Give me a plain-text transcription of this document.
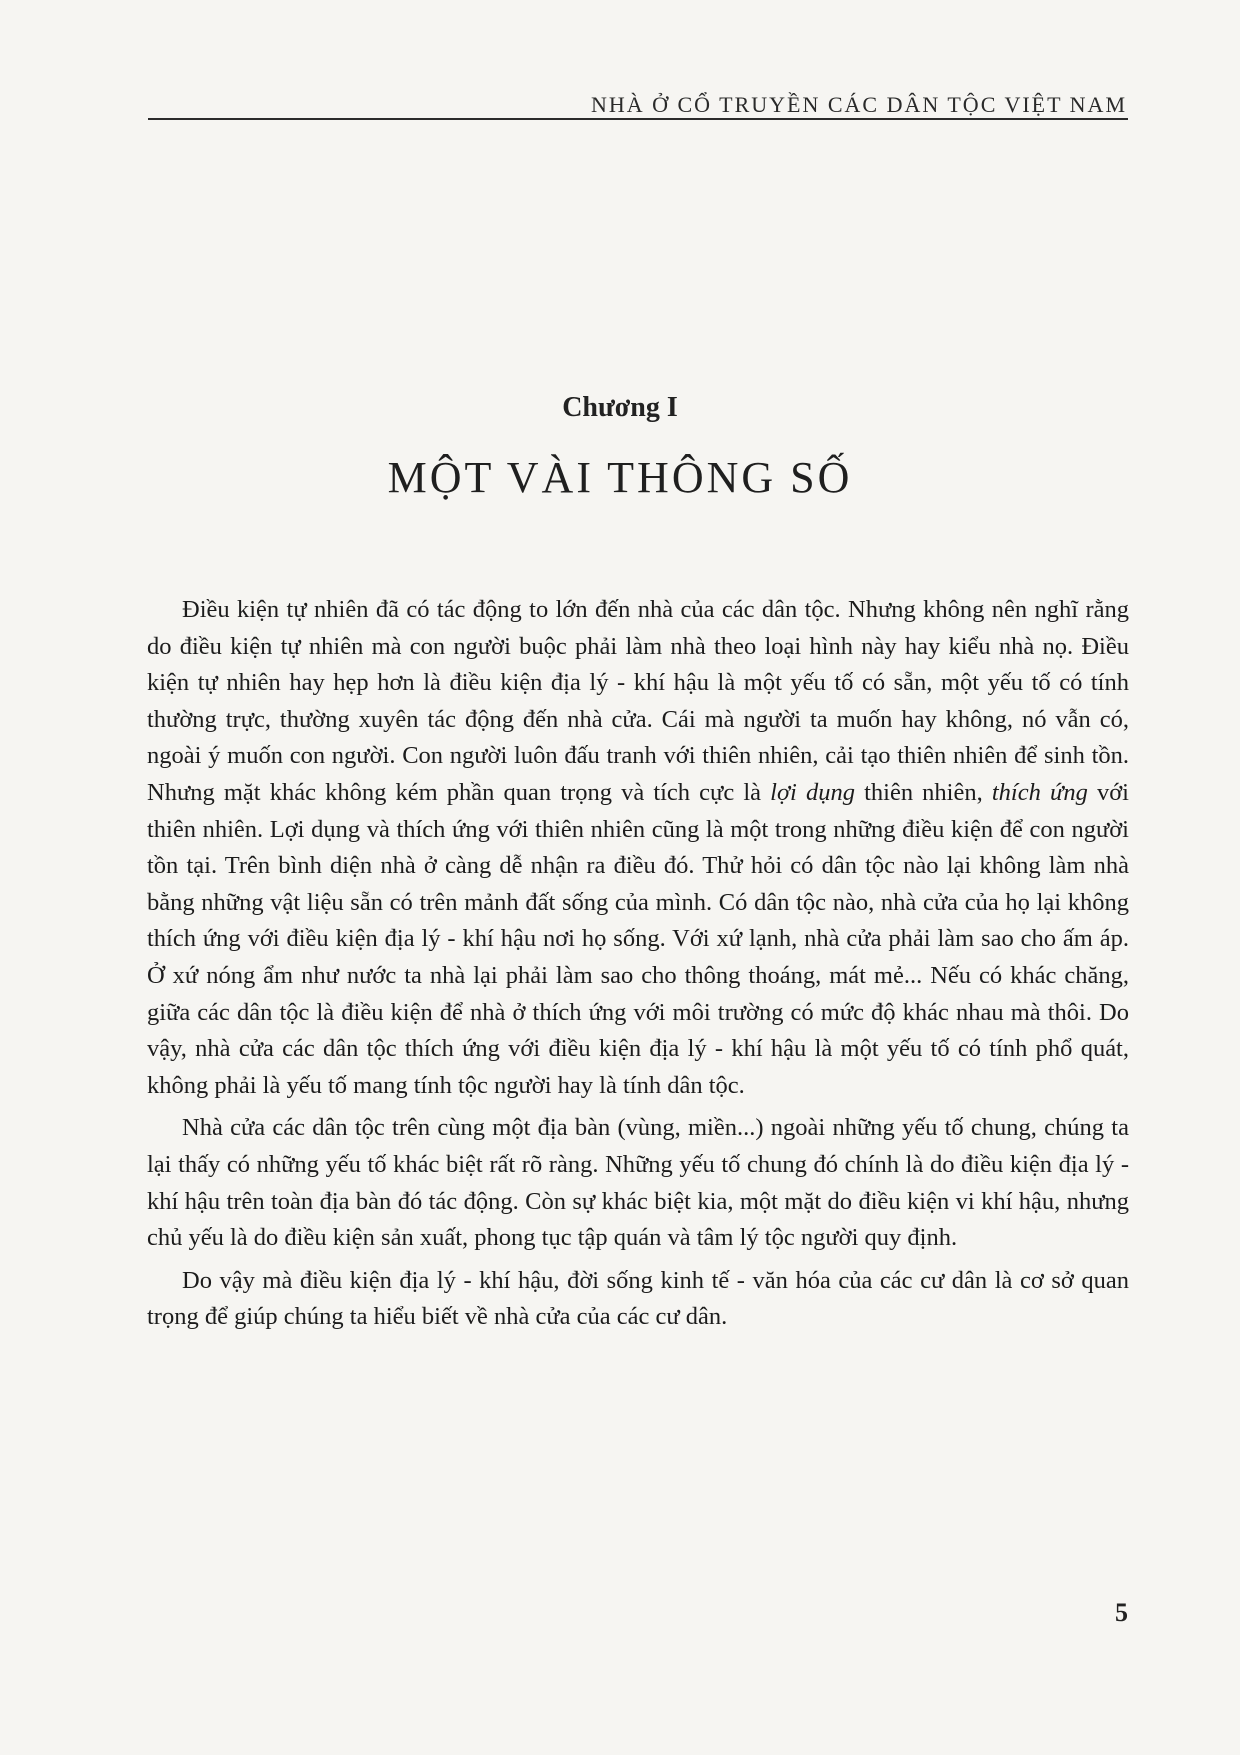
NHÀ Ở CỔ TRUYỀN CÁC DÂN TỘC VIỆT NAM
Chương I
MỘT VÀI THÔNG SỐ

Điều kiện tự nhiên đã có tác động to lớn đến nhà của các dân tộc. Nhưng không nên nghĩ rằng do điều kiện tự nhiên mà con người buộc phải làm nhà theo loại hình này hay kiểu nhà nọ. Điều kiện tự nhiên hay hẹp hơn là điều kiện địa lý - khí hậu là một yếu tố có sẵn, một yếu tố có tính thường trực, thường xuyên tác động đến nhà cửa. Cái mà người ta muốn hay không, nó vẫn có, ngoài ý muốn con người. Con người luôn đấu tranh với thiên nhiên, cải tạo thiên nhiên để sinh tồn. Nhưng mặt khác không kém phần quan trọng và tích cực là lợi dụng thiên nhiên, thích ứng với thiên nhiên. Lợi dụng và thích ứng với thiên nhiên cũng là một trong những điều kiện để con người tồn tại. Trên bình diện nhà ở càng dễ nhận ra điều đó. Thử hỏi có dân tộc nào lại không làm nhà bằng những vật liệu sẵn có trên mảnh đất sống của mình. Có dân tộc nào, nhà cửa của họ lại không thích ứng với điều kiện địa lý - khí hậu nơi họ sống. Với xứ lạnh, nhà cửa phải làm sao cho ấm áp. Ở xứ nóng ẩm như nước ta nhà lại phải làm sao cho thông thoáng, mát mẻ... Nếu có khác chăng, giữa các dân tộc là điều kiện để nhà ở thích ứng với môi trường có mức độ khác nhau mà thôi. Do vậy, nhà cửa các dân tộc thích ứng với điều kiện địa lý - khí hậu là một yếu tố có tính phổ quát, không phải là yếu tố mang tính tộc người hay là tính dân tộc.

Nhà cửa các dân tộc trên cùng một địa bàn (vùng, miền...) ngoài những yếu tố chung, chúng ta lại thấy có những yếu tố khác biệt rất rõ ràng. Những yếu tố chung đó chính là do điều kiện địa lý - khí hậu trên toàn địa bàn đó tác động. Còn sự khác biệt kia, một mặt do điều kiện vi khí hậu, nhưng chủ yếu là do điều kiện sản xuất, phong tục tập quán và tâm lý tộc người quy định.

Do vậy mà điều kiện địa lý - khí hậu, đời sống kinh tế - văn hóa của các cư dân là cơ sở quan trọng để giúp chúng ta hiểu biết về nhà cửa của các cư dân.

5
